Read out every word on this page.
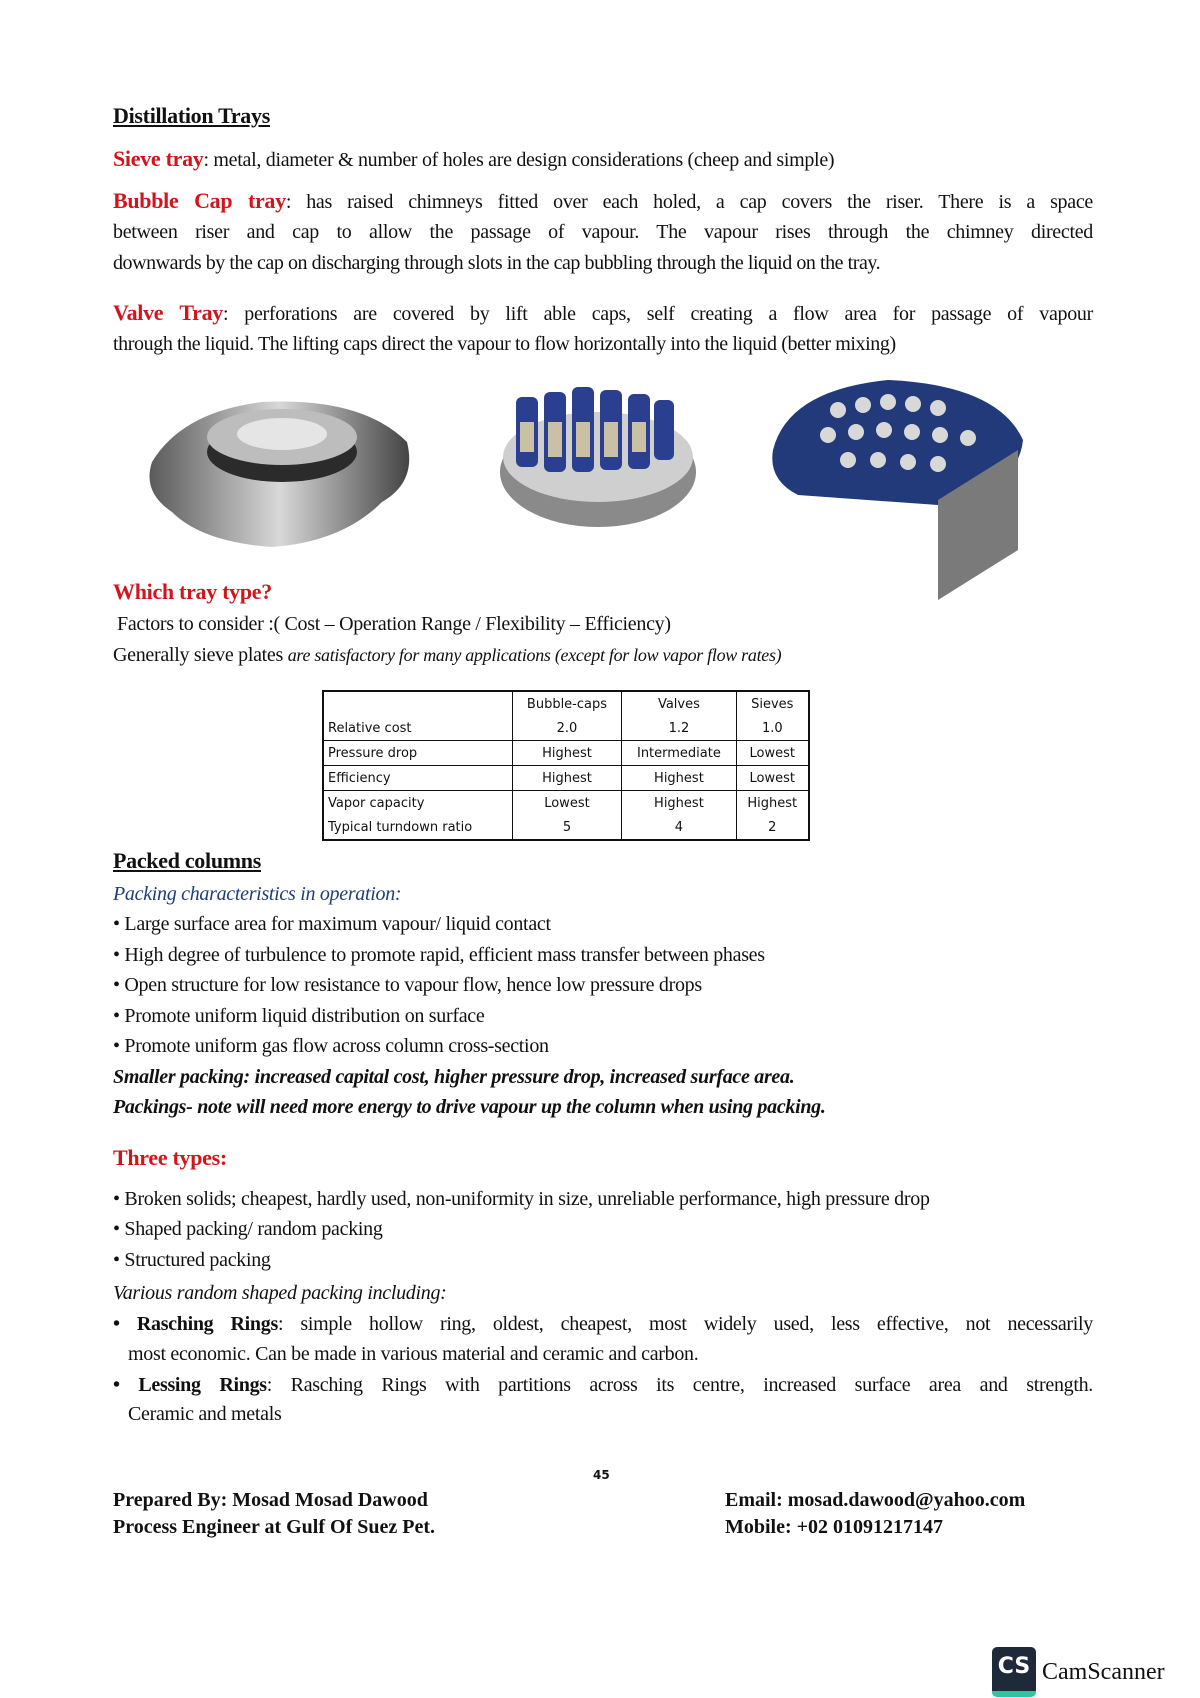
Distillation Trays
Sieve tray: metal, diameter & number of holes are design considerations (cheep and simple)
Bubble Cap tray: has raised chimneys fitted over each holed, a cap covers the riser. There is a space
between riser and cap to allow the passage of vapour. The vapour rises through the chimney directed
downwards by the cap on discharging through slots in the cap bubbling through the liquid on the tray.
Valve Tray: perforations are covered by lift able caps, self creating a flow area for passage of vapour
through the liquid. The lifting caps direct the vapour to flow horizontally into the liquid (better mixing)
Which tray type?
Factors to consider :( Cost – Operation Range / Flexibility – Efficiency)
Generally sieve plates are satisfactory for many applications (except for low vapor flow rates)
	Bubble-caps	Valves	Sieves
Relative cost	2.0	1.2	1.0
Pressure drop	Highest	Intermediate	Lowest
Efficiency	Highest	Highest	Lowest
Vapor capacity	Lowest	Highest	Highest
Typical turndown ratio	5	4	2
Packed columns
Packing characteristics in operation:
• Large surface area for maximum vapour/ liquid contact
• High degree of turbulence to promote rapid, efficient mass transfer between phases
• Open structure for low resistance to vapour flow, hence low pressure drops
• Promote uniform liquid distribution on surface
• Promote uniform gas flow across column cross-section
Smaller packing: increased capital cost, higher pressure drop, increased surface area.
Packings- note will need more energy to drive vapour up the column when using packing.
Three types:
• Broken solids; cheapest, hardly used, non-uniformity in size, unreliable performance, high pressure drop
• Shaped packing/ random packing
• Structured packing
Various random shaped packing including:
• Rasching Rings: simple hollow ring, oldest, cheapest, most widely used, less effective, not necessarily
most economic. Can be made in various material and ceramic and carbon.
• Lessing Rings: Rasching Rings with partitions across its centre, increased surface area and strength.
Ceramic and metals
45
Prepared By: Mosad Mosad Dawood
Process Engineer at Gulf Of Suez Pet.
Email: mosad.dawood@yahoo.com
Mobile: +02 01091217147
CS CamScanner
